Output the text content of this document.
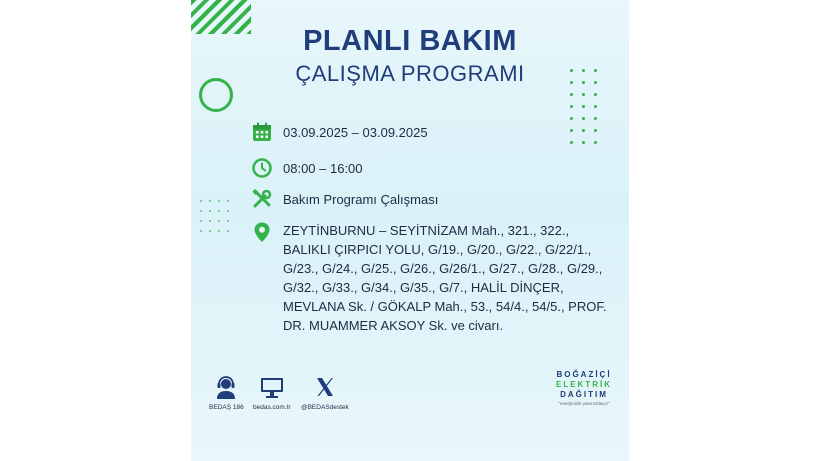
PLANLI BAKIM
ÇALIŞMA PROGRAMI
03.09.2025 – 03.09.2025
08:00 – 16:00
Bakım Programı Çalışması
ZEYTİNBURNU – SEYİTNİZAM Mah., 321., 322., BALIKLI ÇIRPICI YOLU, G/19., G/20., G/22., G/22/1., G/23., G/24., G/25., G/26., G/26/1., G/27., G/28., G/29., G/32., G/33., G/34., G/35., G/7., HALİL DİNÇER, MEVLANA Sk. / GÖKALP Mah., 53., 54/4., 54/5., PROF. DR. MUAMMER AKSOY Sk. ve civarı.
BEDAŞ 186 bedas.com.tr @BEDASdestek
BOĞAZİÇİ
ELEKTRİK
DAĞITIM
"enerjimizle yanınızdayız"
